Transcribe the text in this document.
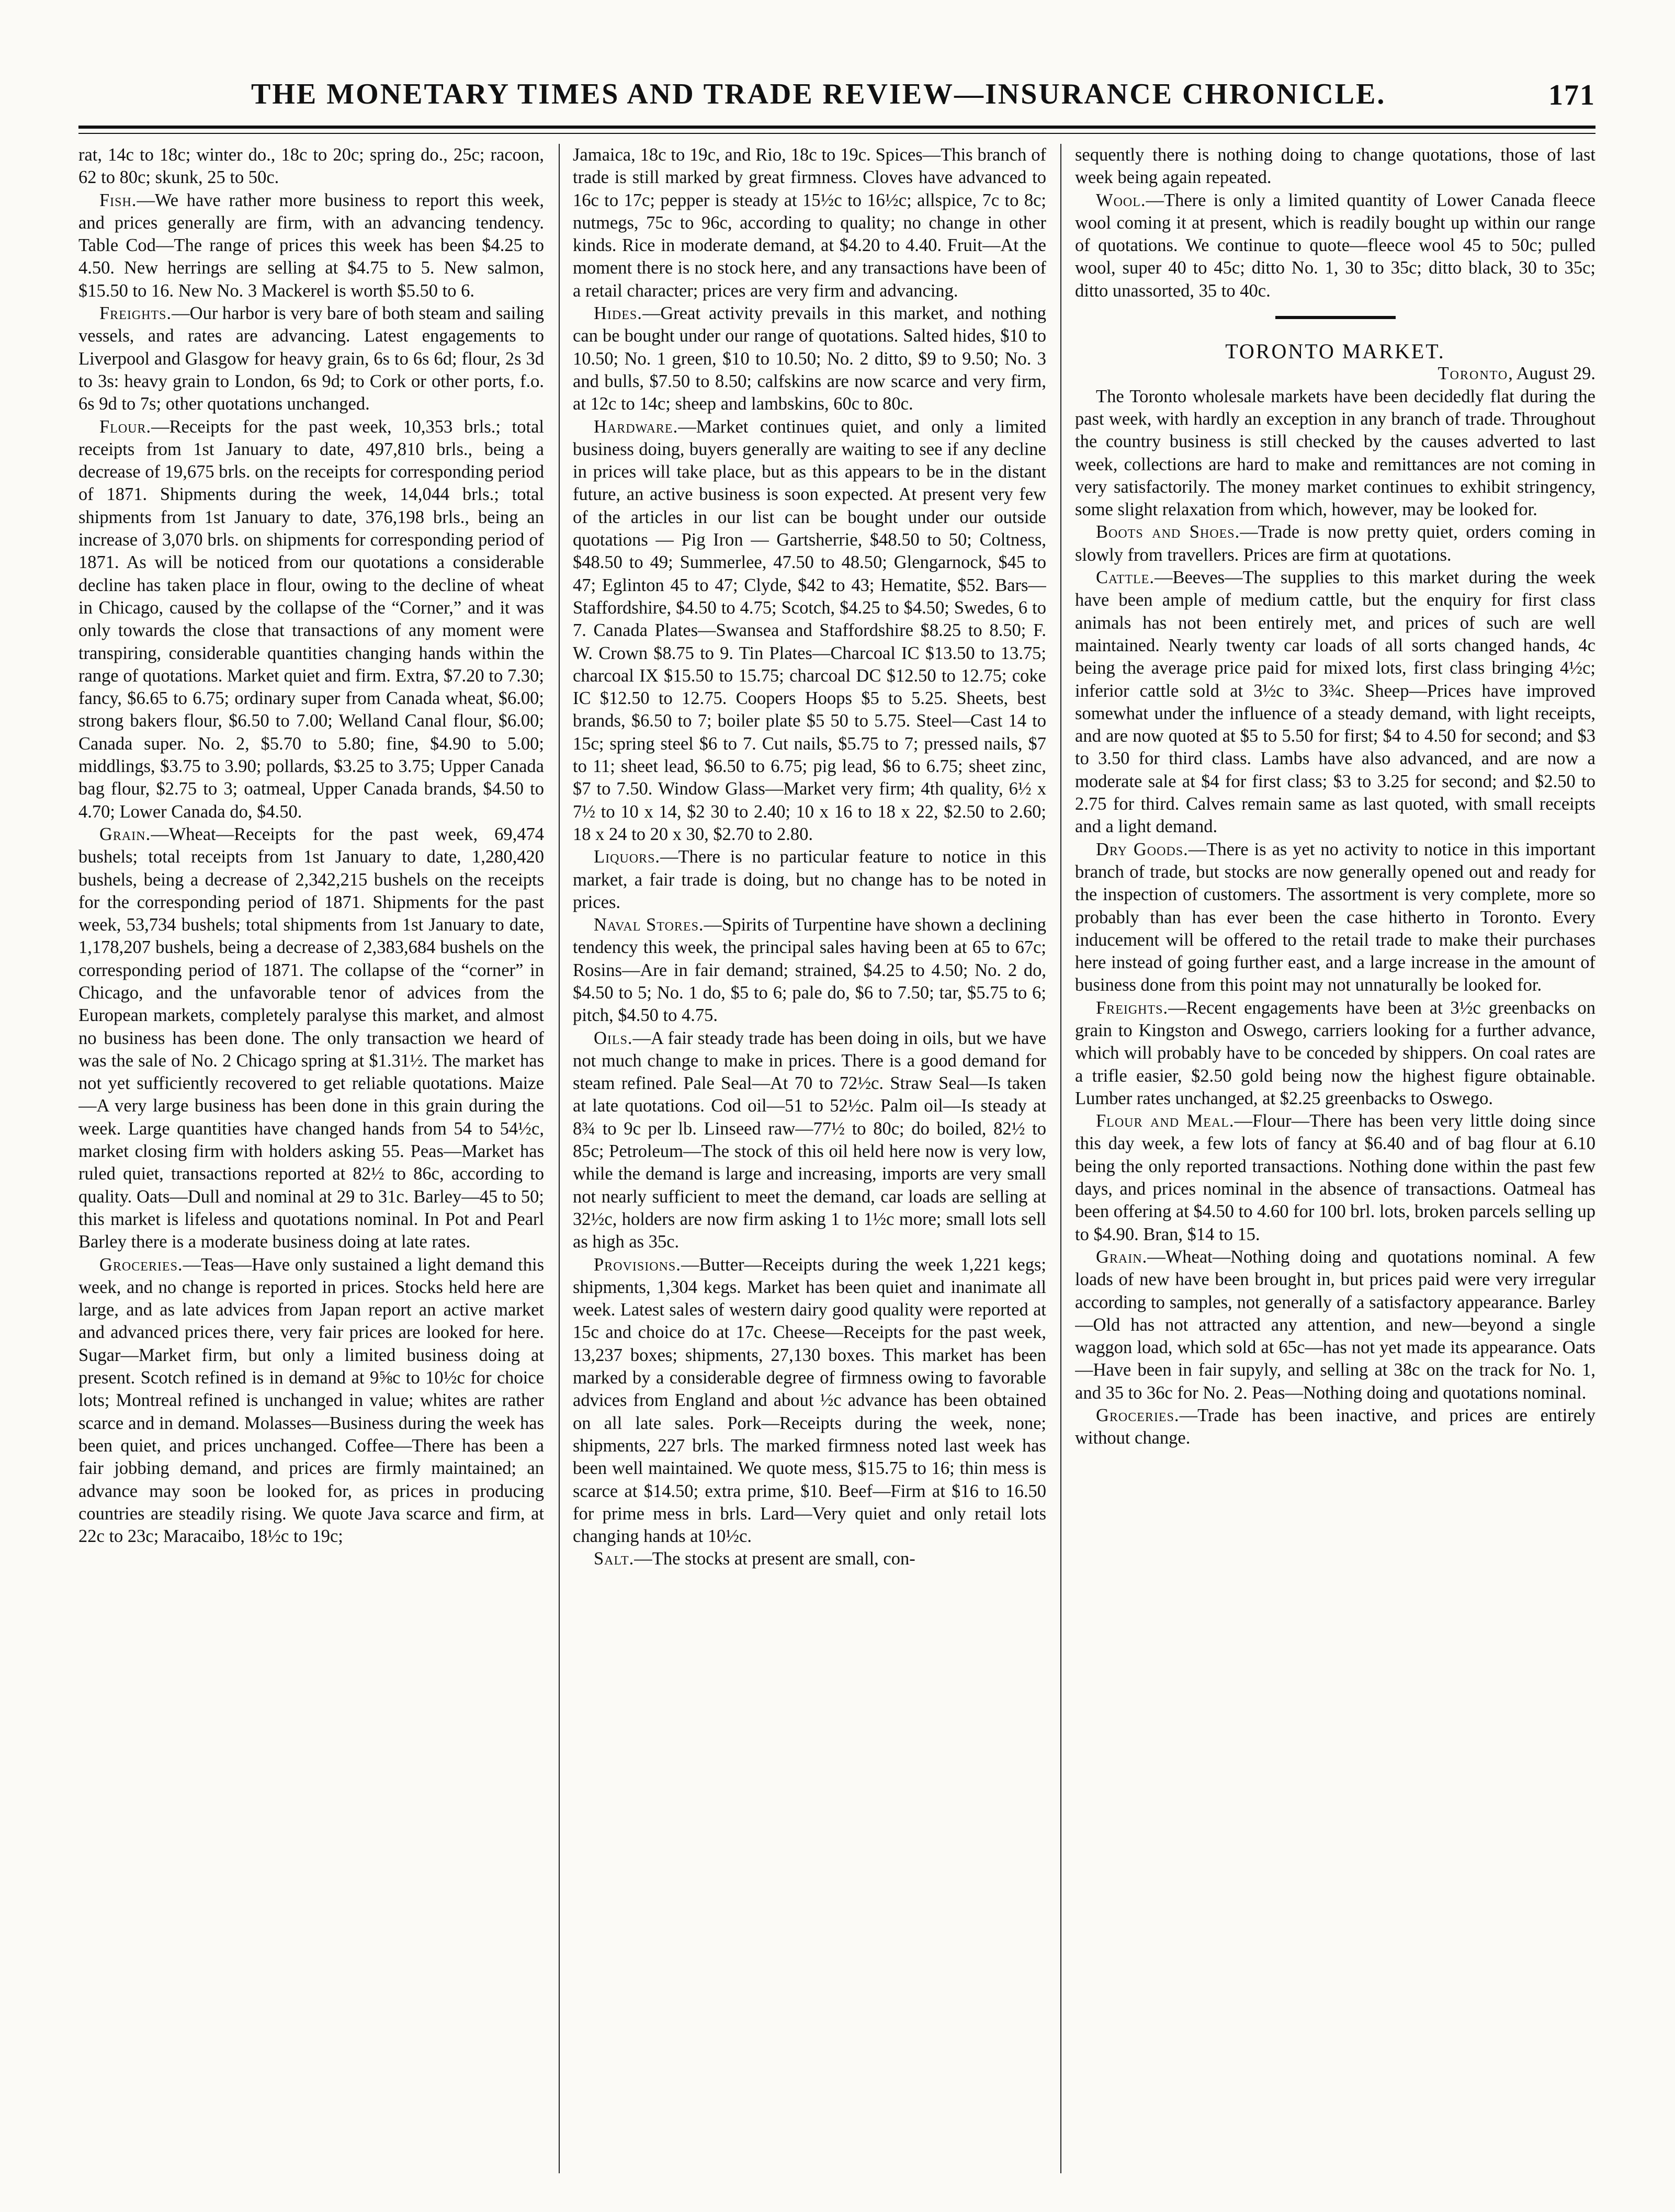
THE MONETARY TIMES AND TRADE REVIEW—INSURANCE CHRONICLE.	171

rat, 14c to 18c; winter do., 18c to 20c; spring do., 25c; racoon, 62 to 80c; skunk, 25 to 50c.

Fish.—We have rather more business to report this week, and prices generally are firm, with an advancing tendency. Table Cod—The range of prices this week has been $4.25 to 4.50. New herrings are selling at $4.75 to 5. New salmon, $15.50 to 16. New No. 3 Mackerel is worth $5.50 to 6.

Freights.—Our harbor is very bare of both steam and sailing vessels, and rates are advancing. Latest engagements to Liverpool and Glasgow for heavy grain, 6s to 6s 6d; flour, 2s 3d to 3s: heavy grain to London, 6s 9d; to Cork or other ports, f.o. 6s 9d to 7s; other quotations unchanged.

Flour.—Receipts for the past week, 10,353 brls.; total receipts from 1st January to date, 497,810 brls., being a decrease of 19,675 brls. on the receipts for corresponding period of 1871. Shipments during the week, 14,044 brls.; total shipments from 1st January to date, 376,198 brls., being an increase of 3,070 brls. on shipments for corresponding period of 1871. As will be noticed from our quotations a considerable decline has taken place in flour, owing to the decline of wheat in Chicago, caused by the collapse of the “Corner,” and it was only towards the close that transactions of any moment were transpiring, considerable quantities changing hands within the range of quotations. Market quiet and firm. Extra, $7.20 to 7.30; fancy, $6.65 to 6.75; ordinary super from Canada wheat, $6.00; strong bakers flour, $6.50 to 7.00; Welland Canal flour, $6.00; Canada super. No. 2, $5.70 to 5.80; fine, $4.90 to 5.00; middlings, $3.75 to 3.90; pollards, $3.25 to 3.75; Upper Canada bag flour, $2.75 to 3; oatmeal, Upper Canada brands, $4.50 to 4.70; Lower Canada do, $4.50.

Grain.—Wheat—Receipts for the past week, 69,474 bushels; total receipts from 1st January to date, 1,280,420 bushels, being a decrease of 2,342,215 bushels on the receipts for the corresponding period of 1871. Shipments for the past week, 53,734 bushels; total shipments from 1st January to date, 1,178,207 bushels, being a decrease of 2,383,684 bushels on the corresponding period of 1871. The collapse of the “corner” in Chicago, and the unfavorable tenor of advices from the European markets, completely paralyse this market, and almost no business has been done. The only transaction we heard of was the sale of No. 2 Chicago spring at $1.31½. The market has not yet sufficiently recovered to get reliable quotations. Maize—A very large business has been done in this grain during the week. Large quantities have changed hands from 54 to 54½c, market closing firm with holders asking 55. Peas—Market has ruled quiet, transactions reported at 82½ to 86c, according to quality. Oats—Dull and nominal at 29 to 31c. Barley—45 to 50; this market is lifeless and quotations nominal. In Pot and Pearl Barley there is a moderate business doing at late rates.

Groceries.—Teas—Have only sustained a light demand this week, and no change is reported in prices. Stocks held here are large, and as late advices from Japan report an active market and advanced prices there, very fair prices are looked for here. Sugar—Market firm, but only a limited business doing at present. Scotch refined is in demand at 9⅝c to 10½c for choice lots; Montreal refined is unchanged in value; whites are rather scarce and in demand. Molasses—Business during the week has been quiet, and prices unchanged. Coffee—There has been a fair jobbing demand, and prices are firmly maintained; an advance may soon be looked for, as prices in producing countries are steadily rising. We quote Java scarce and firm, at 22c to 23c; Maracaibo, 18½c to 19c;

Jamaica, 18c to 19c, and Rio, 18c to 19c. Spices—This branch of trade is still marked by great firmness. Cloves have advanced to 16c to 17c; pepper is steady at 15½c to 16½c; allspice, 7c to 8c; nutmegs, 75c to 96c, according to quality; no change in other kinds. Rice in moderate demand, at $4.20 to 4.40. Fruit—At the moment there is no stock here, and any transactions have been of a retail character; prices are very firm and advancing.

Hides.—Great activity prevails in this market, and nothing can be bought under our range of quotations. Salted hides, $10 to 10.50; No. 1 green, $10 to 10.50; No. 2 ditto, $9 to 9.50; No. 3 and bulls, $7.50 to 8.50; calfskins are now scarce and very firm, at 12c to 14c; sheep and lambskins, 60c to 80c.

Hardware.—Market continues quiet, and only a limited business doing, buyers generally are waiting to see if any decline in prices will take place, but as this appears to be in the distant future, an active business is soon expected. At present very few of the articles in our list can be bought under our outside quotations — Pig Iron — Gartsherrie, $48.50 to 50; Coltness, $48.50 to 49; Summerlee, 47.50 to 48.50; Glengarnock, $45 to 47; Eglinton 45 to 47; Clyde, $42 to 43; Hematite, $52. Bars—Staffordshire, $4.50 to 4.75; Scotch, $4.25 to $4.50; Swedes, 6 to 7. Canada Plates—Swansea and Staffordshire $8.25 to 8.50; F. W. Crown $8.75 to 9. Tin Plates—Charcoal IC $13.50 to 13.75; charcoal IX $15.50 to 15.75; charcoal DC $12.50 to 12.75; coke IC $12.50 to 12.75. Coopers Hoops $5 to 5.25. Sheets, best brands, $6.50 to 7; boiler plate $5 50 to 5.75. Steel—Cast 14 to 15c; spring steel $6 to 7. Cut nails, $5.75 to 7; pressed nails, $7 to 11; sheet lead, $6.50 to 6.75; pig lead, $6 to 6.75; sheet zinc, $7 to 7.50. Window Glass—Market very firm; 4th quality, 6½ x 7½ to 10 x 14, $2 30 to 2.40; 10 x 16 to 18 x 22, $2.50 to 2.60; 18 x 24 to 20 x 30, $2.70 to 2.80.

Liquors.—There is no particular feature to notice in this market, a fair trade is doing, but no change has to be noted in prices.

Naval Stores.—Spirits of Turpentine have shown a declining tendency this week, the principal sales having been at 65 to 67c; Rosins—Are in fair demand; strained, $4.25 to 4.50; No. 2 do, $4.50 to 5; No. 1 do, $5 to 6; pale do, $6 to 7.50; tar, $5.75 to 6; pitch, $4.50 to 4.75.

Oils.—A fair steady trade has been doing in oils, but we have not much change to make in prices. There is a good demand for steam refined. Pale Seal—At 70 to 72½c. Straw Seal—Is taken at late quotations. Cod oil—51 to 52½c. Palm oil—Is steady at 8¾ to 9c per lb. Linseed raw—77½ to 80c; do boiled, 82½ to 85c; Petroleum—The stock of this oil held here now is very low, while the demand is large and increasing, imports are very small not nearly sufficient to meet the demand, car loads are selling at 32½c, holders are now firm asking 1 to 1½c more; small lots sell as high as 35c.

Provisions.—Butter—Receipts during the week 1,221 kegs; shipments, 1,304 kegs. Market has been quiet and inanimate all week. Latest sales of western dairy good quality were reported at 15c and choice do at 17c. Cheese—Receipts for the past week, 13,237 boxes; shipments, 27,130 boxes. This market has been marked by a considerable degree of firmness owing to favorable advices from England and about ½c advance has been obtained on all late sales. Pork—Receipts during the week, none; shipments, 227 brls. The marked firmness noted last week has been well maintained. We quote mess, $15.75 to 16; thin mess is scarce at $14.50; extra prime, $10. Beef—Firm at $16 to 16.50 for prime mess in brls. Lard—Very quiet and only retail lots changing hands at 10½c.

Salt.—The stocks at present are small, con-

sequently there is nothing doing to change quotations, those of last week being again repeated.

Wool.—There is only a limited quantity of Lower Canada fleece wool coming it at present, which is readily bought up within our range of quotations. We continue to quote—fleece wool 45 to 50c; pulled wool, super 40 to 45c; ditto No. 1, 30 to 35c; ditto black, 30 to 35c; ditto unassorted, 35 to 40c.

TORONTO MARKET.

Toronto, August 29.

The Toronto wholesale markets have been decidedly flat during the past week, with hardly an exception in any branch of trade. Throughout the country business is still checked by the causes adverted to last week, collections are hard to make and remittances are not coming in very satisfactorily. The money market continues to exhibit stringency, some slight relaxation from which, however, may be looked for.

Boots and Shoes.—Trade is now pretty quiet, orders coming in slowly from travellers. Prices are firm at quotations.

Cattle.—Beeves—The supplies to this market during the week have been ample of medium cattle, but the enquiry for first class animals has not been entirely met, and prices of such are well maintained. Nearly twenty car loads of all sorts changed hands, 4c being the average price paid for mixed lots, first class bringing 4½c; inferior cattle sold at 3½c to 3¾c. Sheep—Prices have improved somewhat under the influence of a steady demand, with light receipts, and are now quoted at $5 to 5.50 for first; $4 to 4.50 for second; and $3 to 3.50 for third class. Lambs have also advanced, and are now a moderate sale at $4 for first class; $3 to 3.25 for second; and $2.50 to 2.75 for third. Calves remain same as last quoted, with small receipts and a light demand.

Dry Goods.—There is as yet no activity to notice in this important branch of trade, but stocks are now generally opened out and ready for the inspection of customers. The assortment is very complete, more so probably than has ever been the case hitherto in Toronto. Every inducement will be offered to the retail trade to make their purchases here instead of going further east, and a large increase in the amount of business done from this point may not unnaturally be looked for.

Freights.—Recent engagements have been at 3½c greenbacks on grain to Kingston and Oswego, carriers looking for a further advance, which will probably have to be conceded by shippers. On coal rates are a trifle easier, $2.50 gold being now the highest figure obtainable. Lumber rates unchanged, at $2.25 greenbacks to Oswego.

Flour and Meal.—Flour—There has been very little doing since this day week, a few lots of fancy at $6.40 and of bag flour at 6.10 being the only reported transactions. Nothing done within the past few days, and prices nominal in the absence of transactions. Oatmeal has been offering at $4.50 to 4.60 for 100 brl. lots, broken parcels selling up to $4.90. Bran, $14 to 15.

Grain.—Wheat—Nothing doing and quotations nominal. A few loads of new have been brought in, but prices paid were very irregular according to samples, not generally of a satisfactory appearance. Barley—Old has not attracted any attention, and new—beyond a single waggon load, which sold at 65c—has not yet made its appearance. Oats—Have been in fair supyly, and selling at 38c on the track for No. 1, and 35 to 36c for No. 2. Peas—Nothing doing and quotations nominal.

Groceries.—Trade has been inactive, and prices are entirely without change.
